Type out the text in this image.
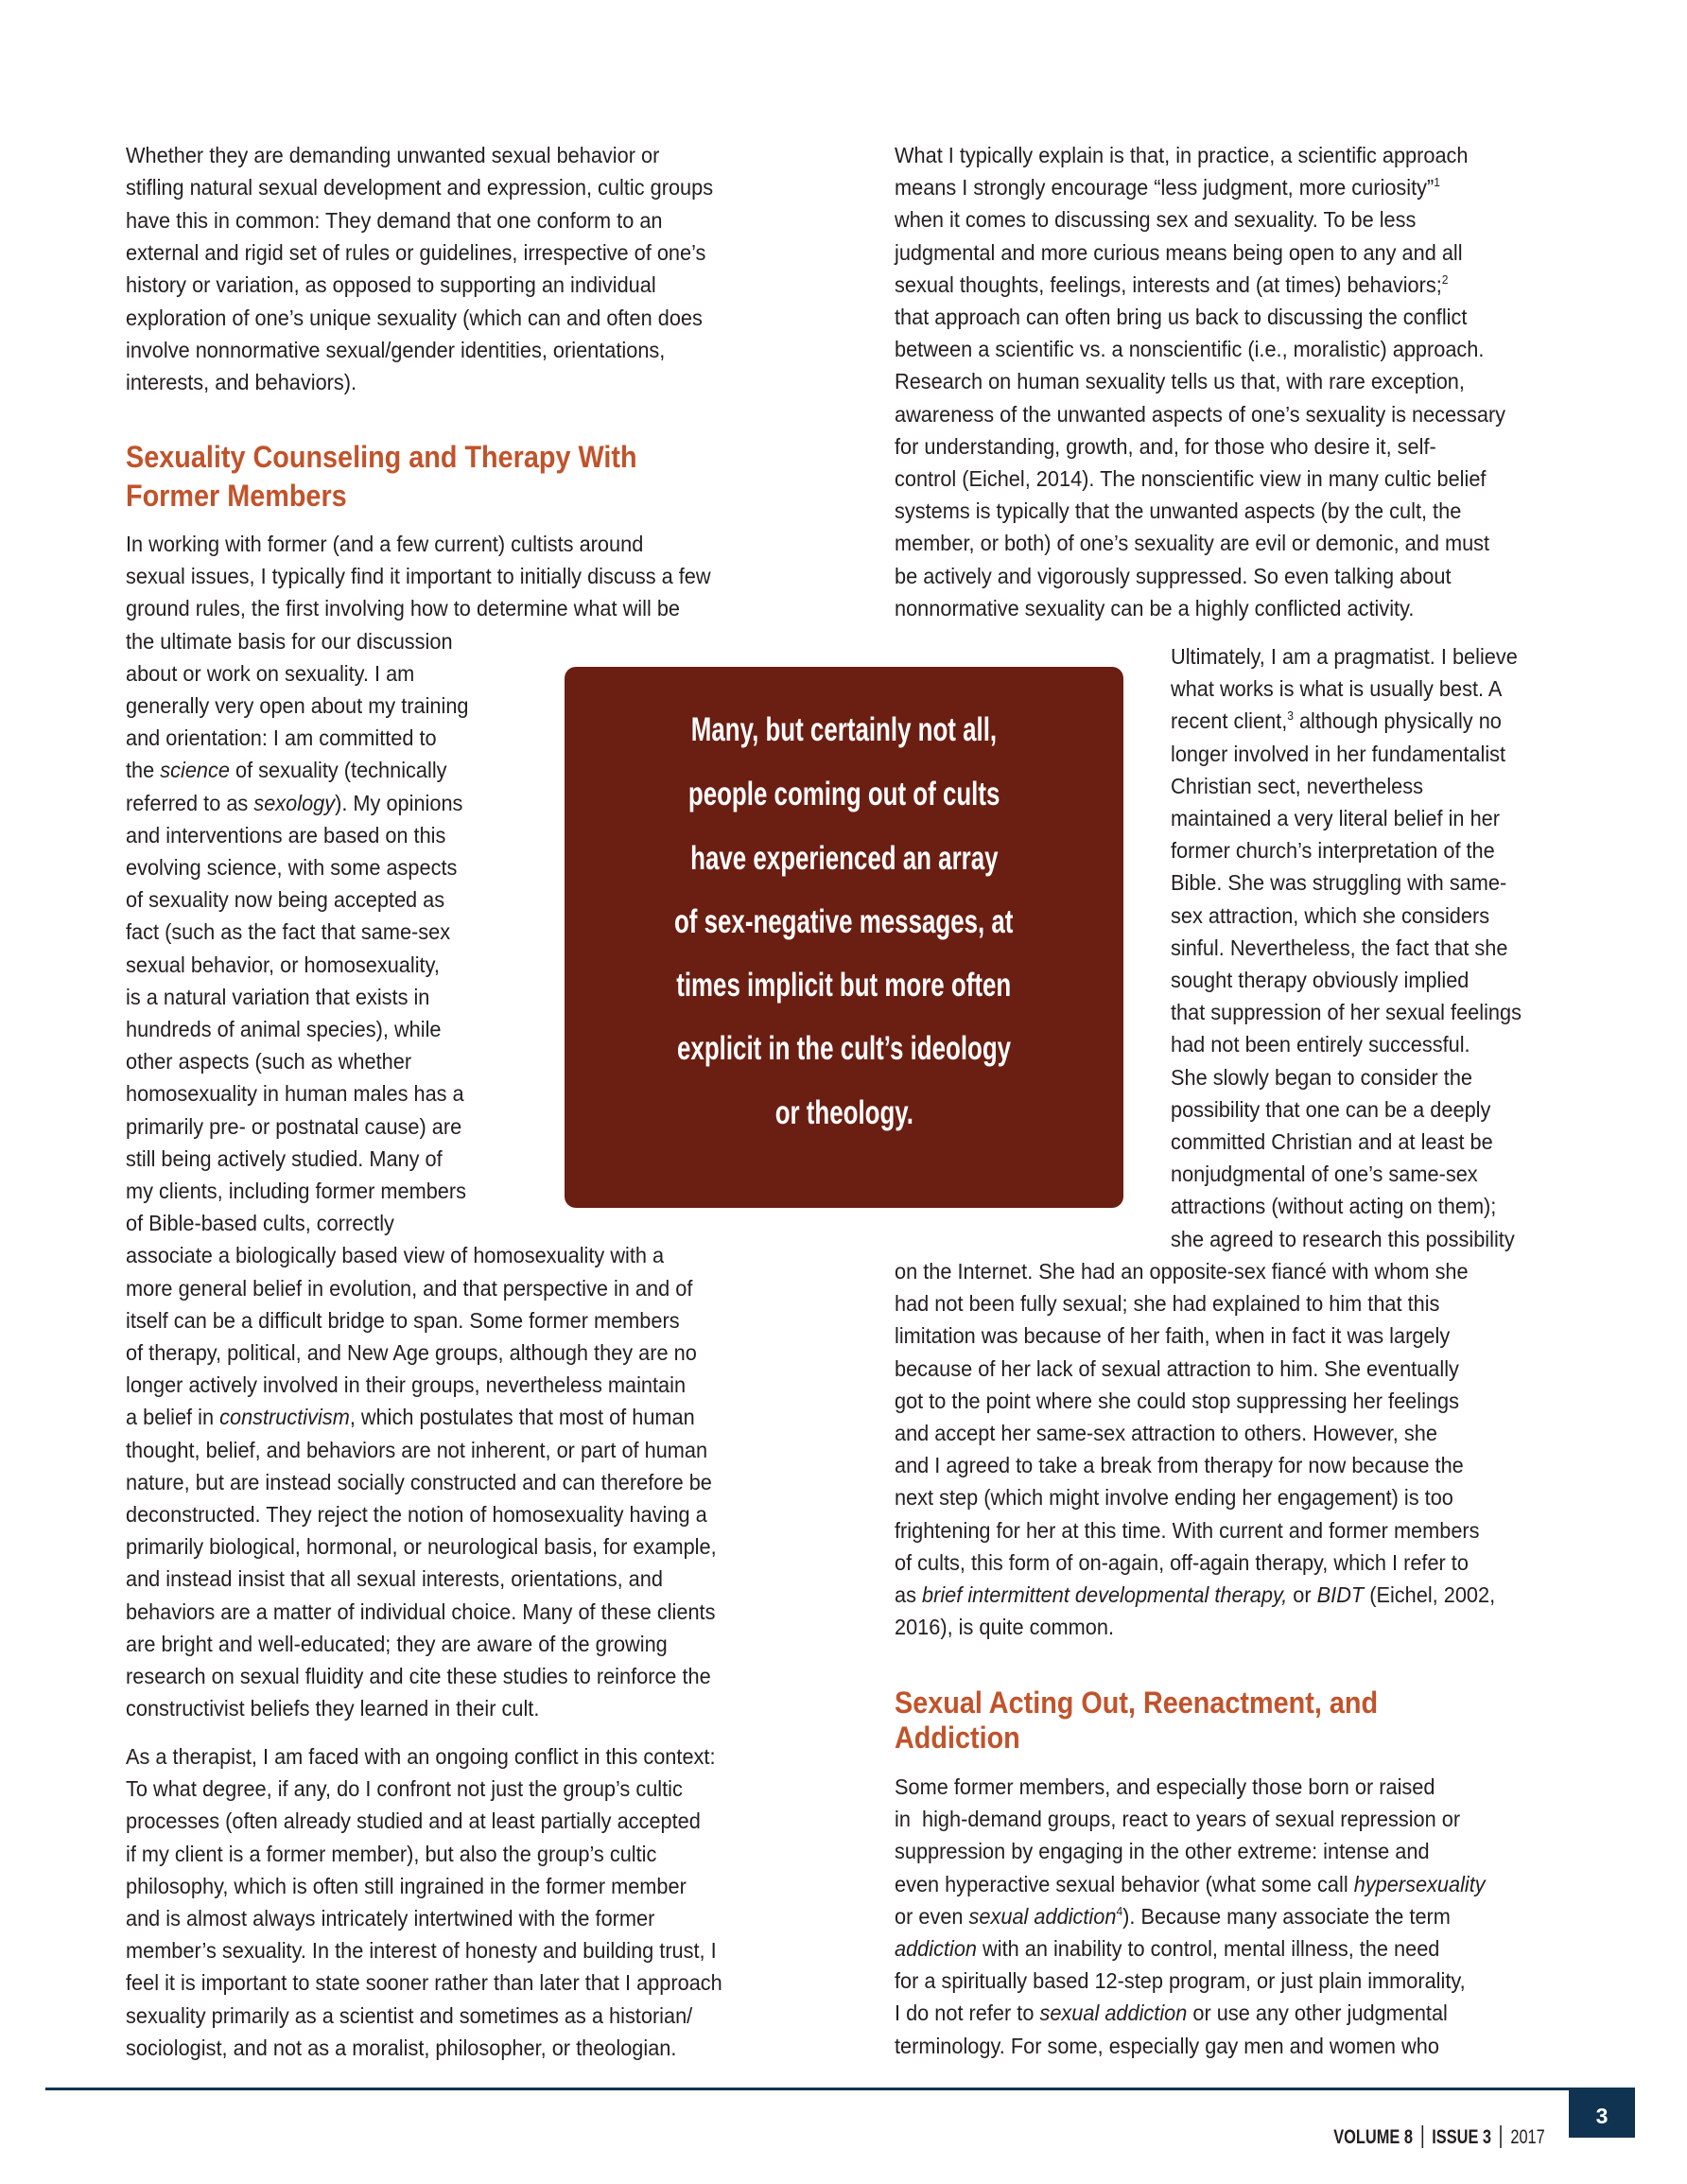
Whether they are demanding unwanted sexual behavior or
stifling natural sexual development and expression, cultic groups
have this in common: They demand that one conform to an
external and rigid set of rules or guidelines, irrespective of one’s
history or variation, as opposed to supporting an individual
exploration of one’s unique sexuality (which can and often does
involve nonnormative sexual/gender identities, orientations,
interests, and behaviors).
Sexuality Counseling and Therapy With
Former Members
In working with former (and a few current) cultists around
sexual issues, I typically find it important to initially discuss a few
ground rules, the first involving how to determine what will be
the ultimate basis for our discussion
about or work on sexuality. I am
generally very open about my training
and orientation: I am committed to
the science of sexuality (technically
referred to as sexology). My opinions
and interventions are based on this
evolving science, with some aspects
of sexuality now being accepted as
fact (such as the fact that same-sex
sexual behavior, or homosexuality,
is a natural variation that exists in
hundreds of animal species), while
other aspects (such as whether
homosexuality in human males has a
primarily pre- or postnatal cause) are
still being actively studied. Many of
my clients, including former members
of Bible-based cults, correctly
associate a biologically based view of homosexuality with a
more general belief in evolution, and that perspective in and of
itself can be a difficult bridge to span. Some former members
of therapy, political, and New Age groups, although they are no
longer actively involved in their groups, nevertheless maintain
a belief in constructivism, which postulates that most of human
thought, belief, and behaviors are not inherent, or part of human
nature, but are instead socially constructed and can therefore be
deconstructed. They reject the notion of homosexuality having a
primarily biological, hormonal, or neurological basis, for example,
and instead insist that all sexual interests, orientations, and
behaviors are a matter of individual choice. Many of these clients
are bright and well-educated; they are aware of the growing
research on sexual fluidity and cite these studies to reinforce the
constructivist beliefs they learned in their cult.
As a therapist, I am faced with an ongoing conflict in this context:
To what degree, if any, do I confront not just the group’s cultic
processes (often already studied and at least partially accepted
if my client is a former member), but also the group’s cultic
philosophy, which is often still ingrained in the former member
and is almost always intricately intertwined with the former
member’s sexuality. In the interest of honesty and building trust, I
feel it is important to state sooner rather than later that I approach
sexuality primarily as a scientist and sometimes as a historian/
sociologist, and not as a moralist, philosopher, or theologian.
Many, but certainly not all,
people coming out of cults
have experienced an array
of sex-negative messages, at
times implicit but more often
explicit in the cult’s ideology
or theology.
What I typically explain is that, in practice, a scientific approach
means I strongly encourage “less judgment, more curiosity”$^1$
when it comes to discussing sex and sexuality. To be less
judgmental and more curious means being open to any and all
sexual thoughts, feelings, interests and (at times) behaviors;$^2$
that approach can often bring us back to discussing the conflict
between a scientific vs. a nonscientific (i.e., moralistic) approach.
Research on human sexuality tells us that, with rare exception,
awareness of the unwanted aspects of one’s sexuality is necessary
for understanding, growth, and, for those who desire it, self-
control (Eichel, 2014). The nonscientific view in many cultic belief
systems is typically that the unwanted aspects (by the cult, the
member, or both) of one’s sexuality are evil or demonic, and must
be actively and vigorously suppressed. So even talking about
nonnormative sexuality can be a highly conflicted activity.
Ultimately, I am a pragmatist. I believe
what works is what is usually best. A
recent client,$^3$ although physically no
longer involved in her fundamentalist
Christian sect, nevertheless
maintained a very literal belief in her
former church’s interpretation of the
Bible. She was struggling with same-
sex attraction, which she considers
sinful. Nevertheless, the fact that she
sought therapy obviously implied
that suppression of her sexual feelings
had not been entirely successful.
She slowly began to consider the
possibility that one can be a deeply
committed Christian and at least be
nonjudgmental of one’s same-sex
attractions (without acting on them);
she agreed to research this possibility
on the Internet. She had an opposite-sex fiancé with whom she
had not been fully sexual; she had explained to him that this
limitation was because of her faith, when in fact it was largely
because of her lack of sexual attraction to him. She eventually
got to the point where she could stop suppressing her feelings
and accept her same-sex attraction to others. However, she
and I agreed to take a break from therapy for now because the
next step (which might involve ending her engagement) is too
frightening for her at this time. With current and former members
of cults, this form of on-again, off-again therapy, which I refer to
as brief intermittent developmental therapy, or BIDT (Eichel, 2002,
2016), is quite common.
Sexual Acting Out, Reenactment, and
Addiction
Some former members, and especially those born or raised
in  high-demand groups, react to years of sexual repression or
suppression by engaging in the other extreme: intense and
even hyperactive sexual behavior (what some call hypersexuality
or even sexual addiction$^4$). Because many associate the term
addiction with an inability to control, mental illness, the need
for a spiritually based 12-step program, or just plain immorality,
I do not refer to sexual addiction or use any other judgmental
terminology. For some, especially gay men and women who

VOLUME 8 ISSUE 3 2017

3
